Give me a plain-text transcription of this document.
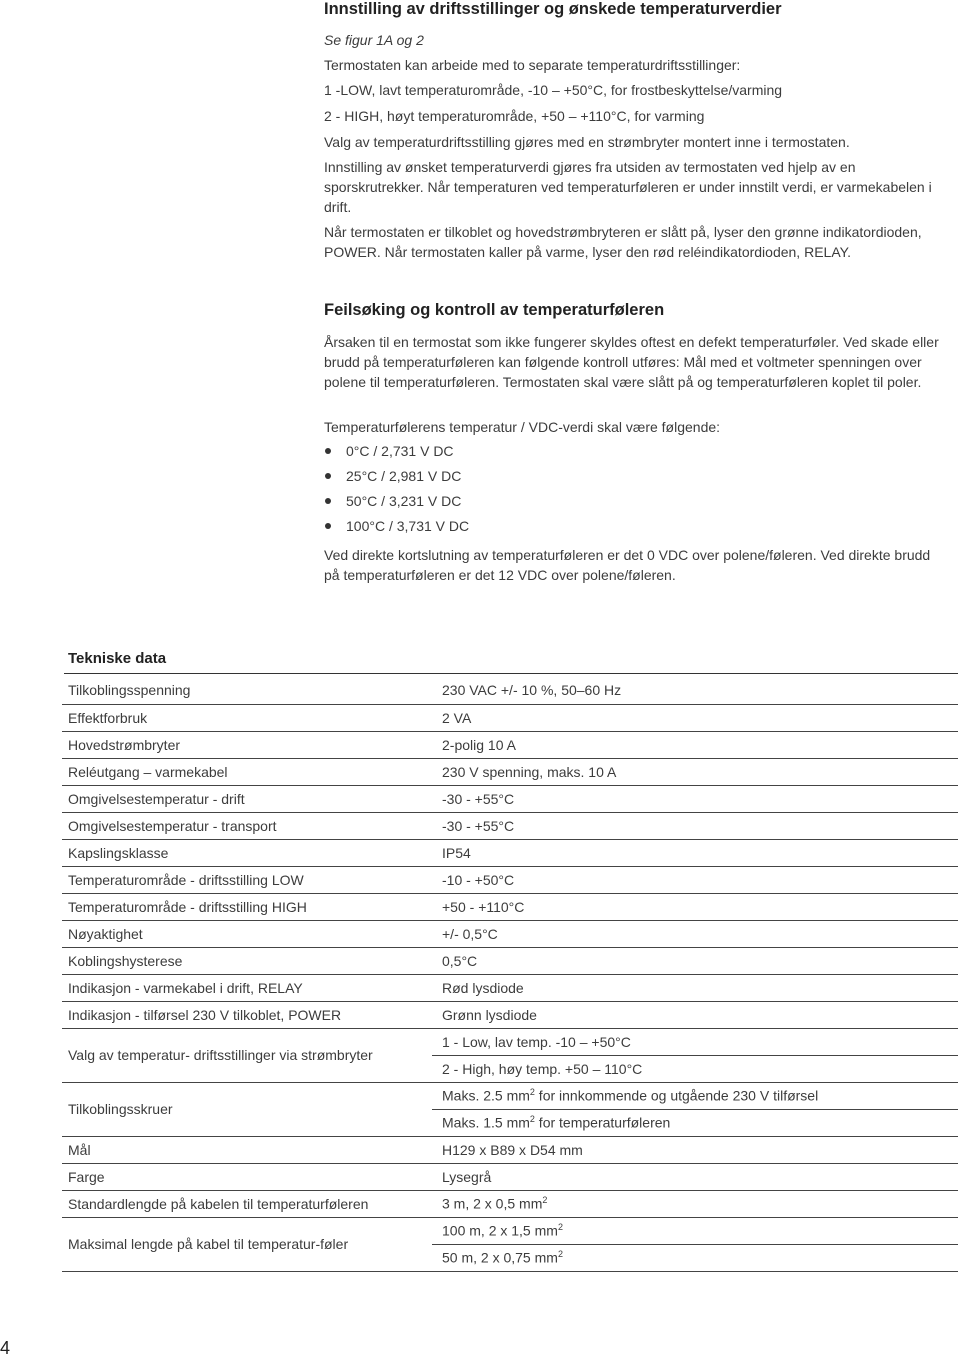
Innstilling av driftsstillinger og ønskede temperaturverdier

Se figur 1A og 2

Termostaten kan arbeide med to separate temperaturdriftsstillinger:

1 -LOW, lavt temperaturområde, -10 – +50°C, for frostbeskyttelse/varming

2 - HIGH, høyt temperaturområde, +50 – +110°C, for varming

Valg av temperaturdriftsstilling gjøres med en strømbryter montert inne i termostaten.

Innstilling av ønsket temperaturverdi gjøres fra utsiden av termostaten ved hjelp av en sporskrutrekker. Når temperaturen ved temperaturføleren er under innstilt verdi, er varmekabelen i drift.

Når termostaten er tilkoblet og hovedstrømbryteren er slått på, lyser den grønne indikatordioden, POWER. Når termostaten kaller på varme, lyser den rød reléindikatordioden, RELAY.

Feilsøking og kontroll av temperaturføleren

Årsaken til en termostat som ikke fungerer skyldes oftest en defekt temperaturføler. Ved skade eller brudd på temperaturføleren kan følgende kontroll utføres: Mål med et voltmeter spenningen over polene til temperaturføleren. Termostaten skal være slått på og temperaturføleren koplet til poler.

Temperaturfølerens temperatur / VDC-verdi skal være følgende:

0°C / 2,731 V DC
25°C / 2,981 V DC
50°C / 3,231 V DC
100°C / 3,731 V DC

Ved direkte kortslutning av temperaturføleren er det 0 VDC over polene/føleren. Ved direkte brudd på temperaturføleren er det 12 VDC over polene/føleren.

Tekniske data
Tilkoblingsspenning	230 VAC +/- 10 %, 50–60 Hz
Effektforbruk	2 VA
Hovedstrømbryter	2-polig 10 A
Reléutgang – varmekabel	230 V spenning, maks. 10 A
Omgivelsestemperatur - drift	-30 - +55°C
Omgivelsestemperatur - transport	-30 - +55°C
Kapslingsklasse	IP54
Temperaturområde - driftsstilling LOW	-10 - +50°C
Temperaturområde - driftsstilling HIGH	+50 - +110°C
Nøyaktighet	+/- 0,5°C
Koblingshysterese	0,5°C
Indikasjon - varmekabel i drift, RELAY	Rød lysdiode
Indikasjon - tilførsel 230 V tilkoblet, POWER	Grønn lysdiode
Valg av temperatur- driftsstillinger via strømbryter	1 - Low, lav temp. -10 – +50°C
	2 - High, høy temp. +50 – 110°C
Tilkoblingsskruer	Maks. 2.5 $mm^2$ for innkommende og utgående 230 V tilførsel
	Maks. 1.5 $mm^2$ for temperaturføleren
Mål	H129 x B89 x D54 mm
Farge	Lysegrå
Standardlengde på kabelen til temperaturføleren	3 m, 2 x 0,5 $mm^2$
Maksimal lengde på kabel til temperatur-føler	100 m, 2 x 1,5 $mm^2$
	50 m, 2 x 0,75 $mm^2$
4
